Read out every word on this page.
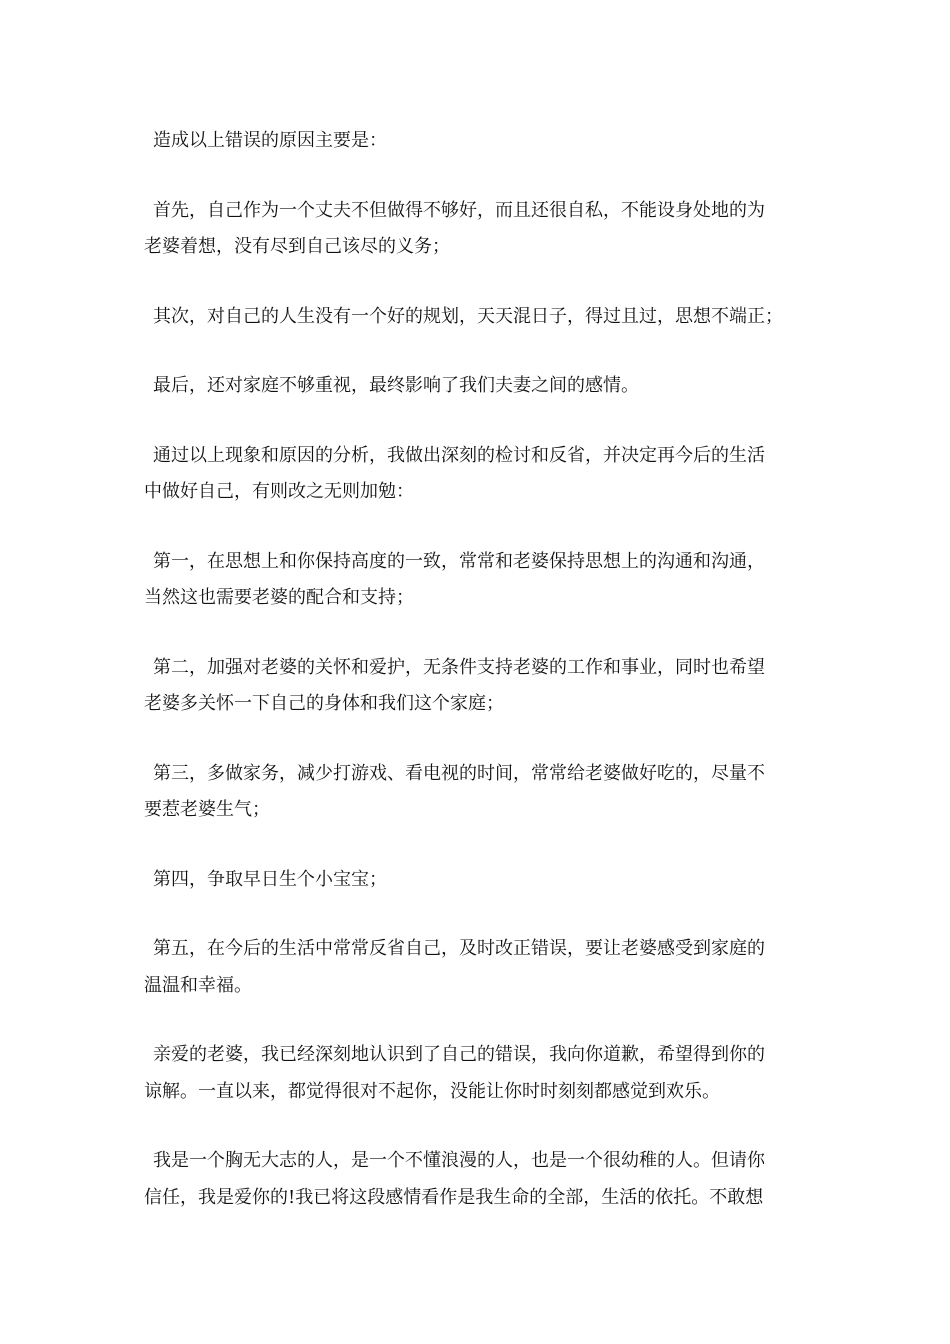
造成以上错误的原因主要是：

首先，自己作为一个丈夫不但做得不够好，而且还很自私，不能设身处地的为
老婆着想，没有尽到自己该尽的义务；

其次，对自己的人生没有一个好的规划，天天混日子，得过且过，思想不端正；

最后，还对家庭不够重视，最终影响了我们夫妻之间的感情。

通过以上现象和原因的分析，我做出深刻的检讨和反省，并决定再今后的生活
中做好自己，有则改之无则加勉：

第一，在思想上和你保持高度的一致，常常和老婆保持思想上的沟通和沟通，
当然这也需要老婆的配合和支持；

第二，加强对老婆的关怀和爱护，无条件支持老婆的工作和事业，同时也希望
老婆多关怀一下自己的身体和我们这个家庭；

第三，多做家务，减少打游戏、看电视的时间，常常给老婆做好吃的，尽量不
要惹老婆生气；

第四，争取早日生个小宝宝；

第五，在今后的生活中常常反省自己，及时改正错误，要让老婆感受到家庭的
温温和幸福。

亲爱的老婆，我已经深刻地认识到了自己的错误，我向你道歉，希望得到你的
谅解。一直以来，都觉得很对不起你，没能让你时时刻刻都感觉到欢乐。

我是一个胸无大志的人，是一个不懂浪漫的人，也是一个很幼稚的人。但请你
信任，我是爱你的!我已将这段感情看作是我生命的全部，生活的依托。不敢想
